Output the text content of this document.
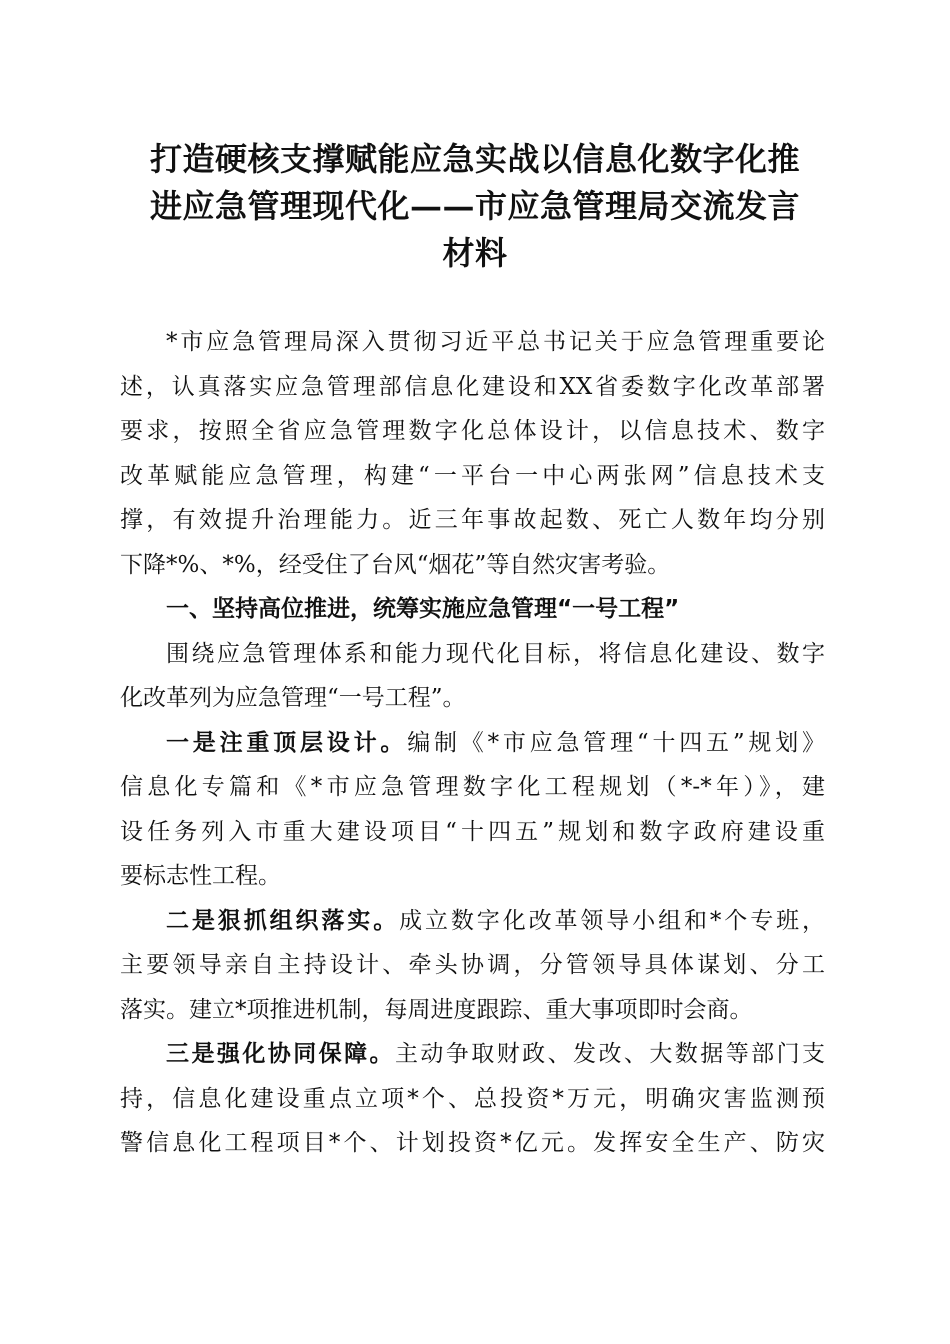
打造硬核支撑赋能应急实战以信息化数字化推
进应急管理现代化——市应急管理局交流发言
材料
*市应急管理局深入贯彻习近平总书记关于应急管理重要论
述，认真落实应急管理部信息化建设和XX省委数字化改革部署
要求，按照全省应急管理数字化总体设计，以信息技术、数字
改革赋能应急管理，构建“一平台一中心两张网”信息技术支
撑，有效提升治理能力。近三年事故起数、死亡人数年均分别
下降*%、*%，经受住了台风“烟花”等自然灾害考验。
一、坚持高位推进，统筹实施应急管理“一号工程”
围绕应急管理体系和能力现代化目标，将信息化建设、数字
化改革列为应急管理“一号工程”。
一是注重顶层设计。编制《*市应急管理“十四五”规划》
信息化专篇和《*市应急管理数字化工程规划（*-*年）》，建
设任务列入市重大建设项目“十四五”规划和数字政府建设重
要标志性工程。
二是狠抓组织落实。成立数字化改革领导小组和*个专班，
主要领导亲自主持设计、牵头协调，分管领导具体谋划、分工
落实。建立*项推进机制，每周进度跟踪、重大事项即时会商。
三是强化协同保障。主动争取财政、发改、大数据等部门支
持，信息化建设重点立项*个、总投资*万元，明确灾害监测预
警信息化工程项目*个、计划投资*亿元。发挥安全生产、防灾
